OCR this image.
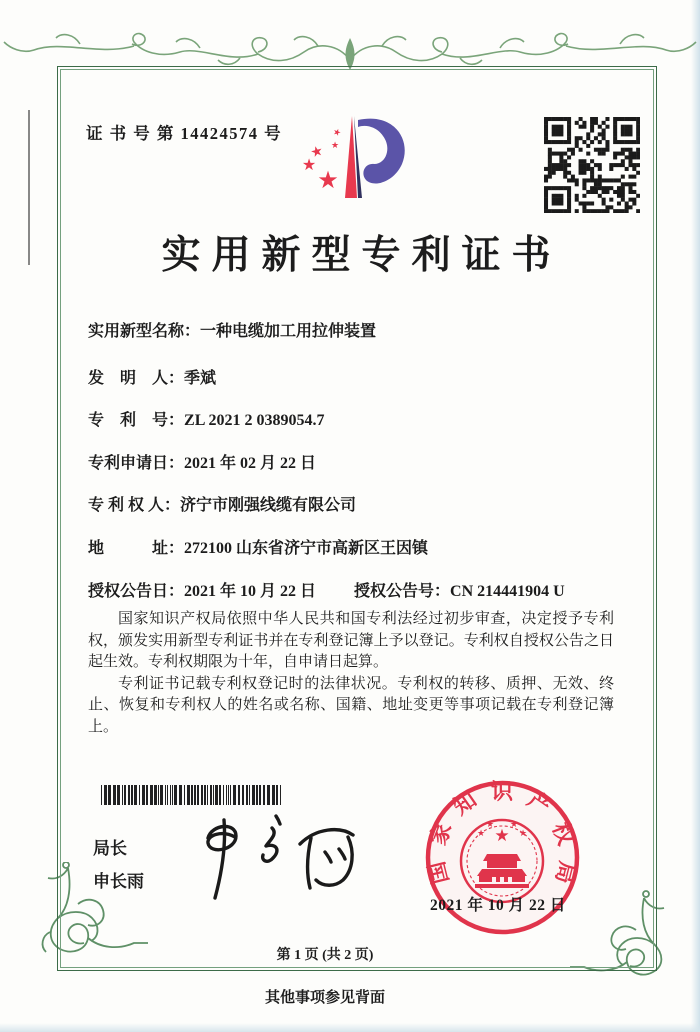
证 书 号 第 14424574 号
★
★
★ ★
★
实用新型专利证书
实用新型名称：一种电缆加工用拉伸装置
发　明　人：季斌
专　利　号：ZL 2021 2 0389054.7
专利申请日：2021 年 02 月 22 日
专 利 权 人：济宁市刚强线缆有限公司
地　　　址：272100 山东省济宁市高新区王因镇
授权公告日：2021 年 10 月 22 日 授权公告号：CN 214441904 U

国家知识产权局依照中华人民共和国专利法经过初步审查，决定授予专利权，颁发实用新型专利证书并在专利登记簿上予以登记。专利权自授权公告之日起生效。专利权期限为十年，自申请日起算。

专利证书记载专利权登记时的法律状况。专利权的转移、质押、无效、终止、恢复和专利权人的姓名或名称、国籍、地址变更等事项记载在专利登记簿上。

局长
申长雨	国家知识产权局
★
★
★ ★
★
2021 年 10 月 22 日
第 1 页 (共 2 页)
其他事项参见背面
